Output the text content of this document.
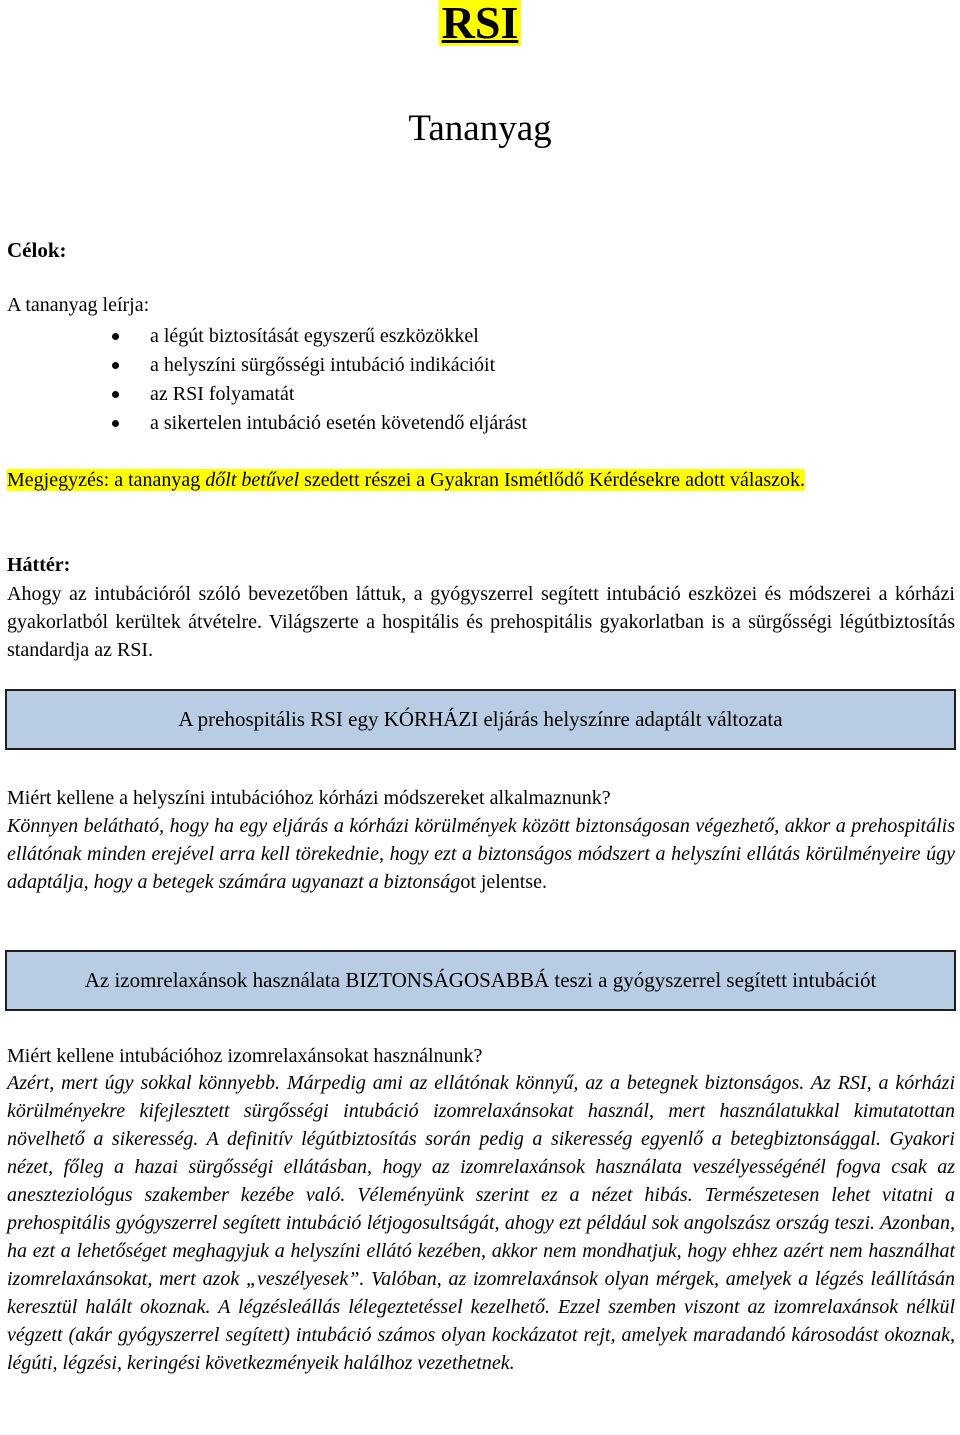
RSI
Tananyag
Célok:
A tananyag leírja:
a légút biztosítását egyszerű eszközökkel
a helyszíni sürgősségi intubáció indikációit
az RSI folyamatát
a sikertelen intubáció esetén követendő eljárást
Megjegyzés: a tananyag dőlt betűvel szedett részei a Gyakran Ismétlődő Kérdésekre adott válaszok.
Háttér:
Ahogy az intubációról szóló bevezetőben láttuk, a gyógyszerrel segített intubáció eszközei és módszerei a kórházi gyakorlatból kerültek átvételre. Világszerte a hospitális és prehospitális gyakorlatban is a sürgősségi légútbiztosítás standardja az RSI.
A prehospitális RSI egy KÓRHÁZI eljárás helyszínre adaptált változata
Miért kellene a helyszíni intubációhoz kórházi módszereket alkalmaznunk?
Könnyen belátható, hogy ha egy eljárás a kórházi körülmények között biztonságosan végezhető, akkor a prehospitális ellátónak minden erejével arra kell törekednie, hogy ezt a biztonságos módszert a helyszíni ellátás körülményeire úgy adaptálja, hogy a betegek számára ugyanazt a biztonságot jelentse.
Az izomrelaxánsok használata BIZTONSÁGOSABBÁ teszi a gyógyszerrel segített intubációt
Miért kellene intubációhoz izomrelaxánsokat használnunk?
Azért, mert úgy sokkal könnyebb. Márpedig ami az ellátónak könnyű, az a betegnek biztonságos. Az RSI, a kórházi körülményekre kifejlesztett sürgősségi intubáció izomrelaxánsokat használ, mert használatukkal kimutatottan növelhető a sikeresség. A definitív légútbiztosítás során pedig a sikeresség egyenlő a betegbiztonsággal. Gyakori nézet, főleg a hazai sürgősségi ellátásban, hogy az izomrelaxánsok használata veszélyességénél fogva csak az aneszteziológus szakember kezébe való. Véleményünk szerint ez a nézet hibás. Természetesen lehet vitatni a prehospitális gyógyszerrel segített intubáció létjogosultságát, ahogy ezt például sok angolszász ország teszi. Azonban, ha ezt a lehetőséget meghagyjuk a helyszíni ellátó kezében, akkor nem mondhatjuk, hogy ehhez azért nem használhat izomrelaxánsokat, mert azok „veszélyesek”. Valóban, az izomrelaxánsok olyan mérgek, amelyek a légzés leállításán keresztül halált okoznak. A légzésleállás lélegeztetéssel kezelhető. Ezzel szemben viszont az izomrelaxánsok nélkül végzett (akár gyógyszerrel segített) intubáció számos olyan kockázatot rejt, amelyek maradandó károsodást okoznak, légúti, légzési, keringési következményeik halálhoz vezethetnek.
